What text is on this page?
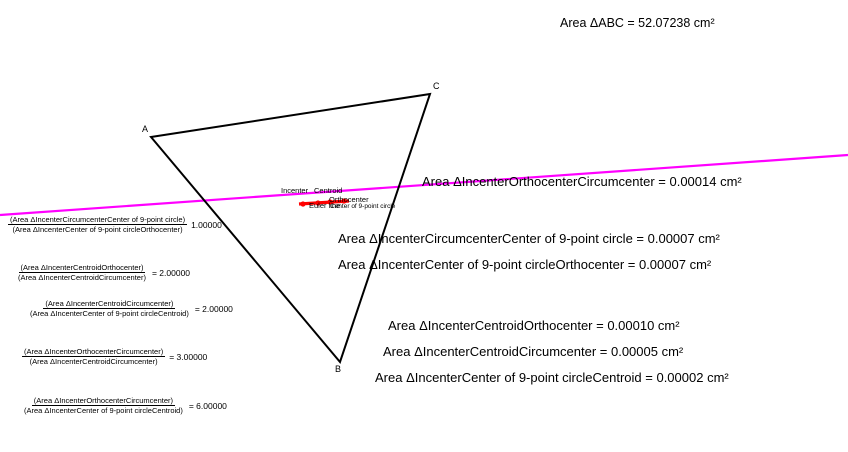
A
C
B
Incenter Centroid
Orthocenter
Center of 9-point circle
Euler line
Area ΔABC = 52.07238 cm²
Area ΔIncenterOrthocenterCircumcenter = 0.00014 cm²
Area ΔIncenterCircumcenterCenter of 9-point circle = 0.00007 cm²
Area ΔIncenterCenter of 9-point circleOrthocenter = 0.00007 cm²
Area ΔIncenterCentroidOrthocenter = 0.00010 cm²
Area ΔIncenterCentroidCircumcenter = 0.00005 cm²
Area ΔIncenterCenter of 9-point circleCentroid = 0.00002 cm²
$\frac{\text{(Area ΔIncenterCircumcenterCenter of 9-point circle)}}{\text{(Area ΔIncenterCenter of 9-point circleOrthocenter)}} 1.00000$
$\frac{\text{(Area ΔIncenterCentroidOrthocenter)}}{\text{(Area ΔIncenterCentroidCircumcenter)}} = 2.00000$
$\frac{\text{(Area ΔIncenterCentroidCircumcenter)}}{\text{(Area ΔIncenterCenter of 9-point circleCentroid)}} = 2.00000$
$\frac{\text{(Area ΔIncenterOrthocenterCircumcenter)}}{\text{(Area ΔIncenterCentroidCircumcenter)}} = 3.00000$
$\frac{\text{(Area ΔIncenterOrthocenterCircumcenter)}}{\text{(Area ΔIncenterCenter of 9-point circleCentroid)}} = 6.00000$
